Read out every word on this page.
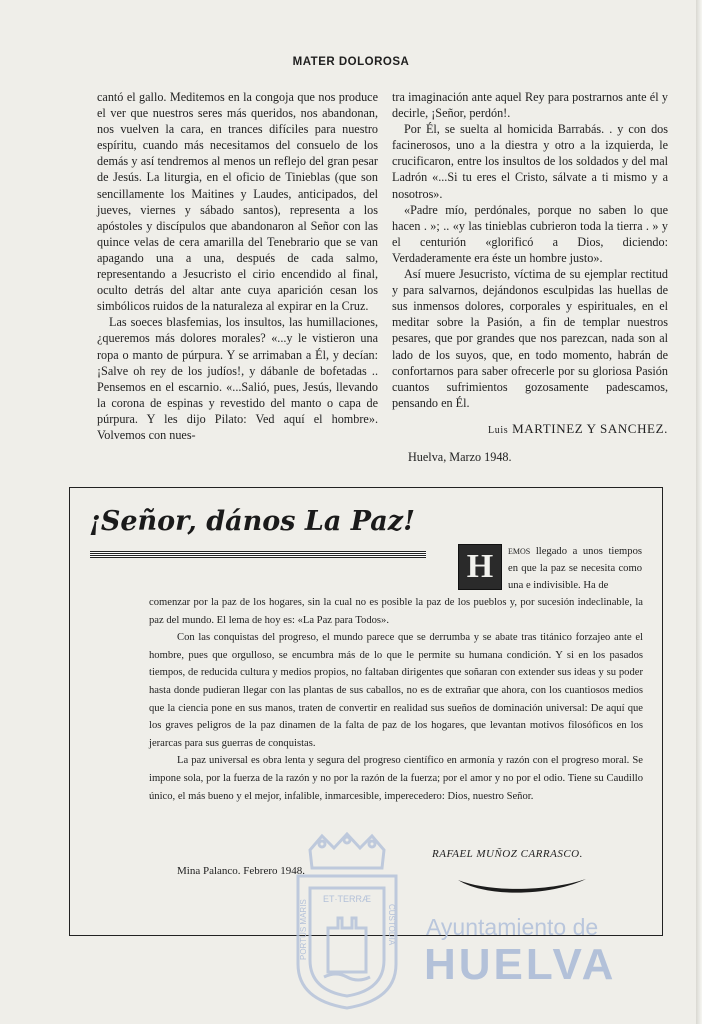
MATER DOLOROSA

cantó el gallo. Meditemos en la congoja que nos produce el ver que nuestros seres más queridos, nos abandonan, nos vuelven la cara, en trances difíciles para nuestro espíritu, cuando más necesitamos del consuelo de los demás y así tendremos al menos un reflejo del gran pesar de Jesús. La liturgia, en el oficio de Tinieblas (que son sencillamente los Maitines y Laudes, anticipados, del jueves, viernes y sábado santos), representa a los apóstoles y discípulos que abandonaron al Señor con las quince velas de cera amarilla del Tenebrario que se van apagando una a una, después de cada salmo, representando a Jesucristo el cirio encendido al final, oculto detrás del altar ante cuya aparición cesan los simbólicos ruidos de la naturaleza al expirar en la Cruz.

Las soeces blasfemias, los insultos, las humillaciones, ¿queremos más dolores morales? «...y le vistieron una ropa o manto de púrpura. Y se arrimaban a Él, y decían: ¡Salve oh rey de los judíos!, y dábanle de bofetadas .. Pensemos en el escarnio. «...Salió, pues, Jesús, llevando la corona de espinas y revestido del manto o capa de púrpura. Y les dijo Pilato: Ved aquí el hombre». Volvemos con nues-

tra imaginación ante aquel Rey para postrarnos ante él y decirle, ¡Señor, perdón!.

Por Él, se suelta al homicida Barrabás. . y con dos facinerosos, uno a la diestra y otro a la izquierda, le crucificaron, entre los insultos de los soldados y del mal Ladrón «...Si tu eres el Cristo, sálvate a ti mismo y a nosotros».

«Padre mío, perdónales, porque no saben lo que hacen . »; .. «y las tinieblas cubrieron toda la tierra . » y el centurión «glorificó a Dios, diciendo: Verdaderamente era éste un hombre justo».

Así muere Jesucristo, víctima de su ejemplar rectitud y para salvarnos, dejándonos esculpidas las huellas de sus inmensos dolores, corporales y espirituales, en el meditar sobre la Pasión, a fin de templar nuestros pesares, que por grandes que nos parezcan, nada son al lado de los suyos, que, en todo momento, habrán de confortarnos para saber ofrecerle por su gloriosa Pasión cuantos sufrimientos gozosamente padescamos, pensando en Él.

Luis MARTINEZ Y SANCHEZ.
Huelva, Marzo 1948.
¡Señor, dános La Paz!
H	EMOS llegado a unos tiempos en que la paz se necesita como una e indivisible. Ha de

comenzar por la paz de los hogares, sin la cual no es posible la paz de los pueblos y, por sucesión indeclinable, la paz del mundo. El lema de hoy es: «La Paz para Todos».

Con las conquistas del progreso, el mundo parece que se derrumba y se abate tras titánico forzajeo ante el hombre, pues que orgulloso, se encumbra más de lo que le permite su humana condición. Y si en los pasados tiempos, de reducida cultura y medios propios, no faltaban dirigentes que soñaran con extender sus ideas y su poder hasta donde pudieran llegar con las plantas de sus caballos, no es de extrañar que ahora, con los cuantiosos medios que la ciencia pone en sus manos, traten de convertir en realidad sus sueños de dominación universal: De aquí que los graves peligros de la paz dinamen de la falta de paz de los hogares, que levantan motivos filosóficos en los jerarcas para sus guerras de conquistas.

La paz universal es obra lenta y segura del progreso científico en armonía y razón con el progreso moral. Se impone sola, por la fuerza de la razón y no por la razón de la fuerza; por el amor y no por el odio. Tiene su Caudillo único, el más bueno y el mejor, infalible, inmarcesible, imperecedero: Dios, nuestro Señor.

RAFAEL MUÑOZ CARRASCO.
Mina Palanco. Febrero 1948.
ET·TERRÆ
PORTUS MARIS	CUSTODIA Ayuntamiento de
HUELVA
